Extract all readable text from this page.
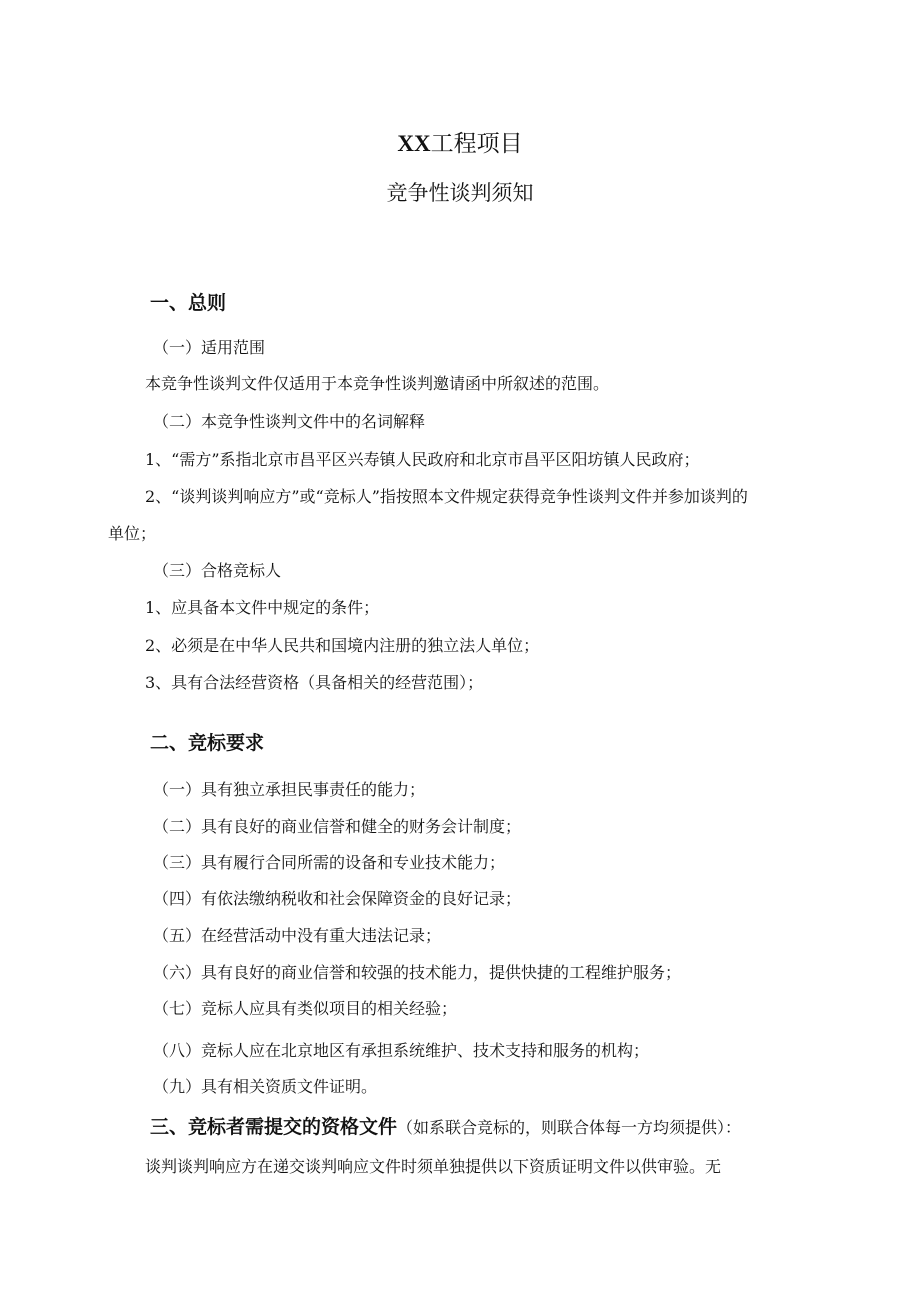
XX工程项目
竞争性谈判须知
一、总则
（一）适用范围
本竞争性谈判文件仅适用于本竞争性谈判邀请函中所叙述的范围。
（二）本竞争性谈判文件中的名词解释
1、“需方”系指北京市昌平区兴寿镇人民政府和北京市昌平区阳坊镇人民政府；
2、“谈判谈判响应方”或“竞标人”指按照本文件规定获得竞争性谈判文件并参加谈判的
单位；
（三）合格竞标人
1、应具备本文件中规定的条件；
2、必须是在中华人民共和国境内注册的独立法人单位；
3、具有合法经营资格（具备相关的经营范围）；
二、竞标要求
（一）具有独立承担民事责任的能力；
（二）具有良好的商业信誉和健全的财务会计制度；
（三）具有履行合同所需的设备和专业技术能力；
（四）有依法缴纳税收和社会保障资金的良好记录；
（五）在经营活动中没有重大违法记录；
（六）具有良好的商业信誉和较强的技术能力，提供快捷的工程维护服务；
（七）竞标人应具有类似项目的相关经验；
（八）竞标人应在北京地区有承担系统维护、技术支持和服务的机构；
（九）具有相关资质文件证明。
三、竞标者需提交的资格文件（如系联合竞标的，则联合体每一方均须提供）：
谈判谈判响应方在递交谈判响应文件时须单独提供以下资质证明文件以供审验。无
